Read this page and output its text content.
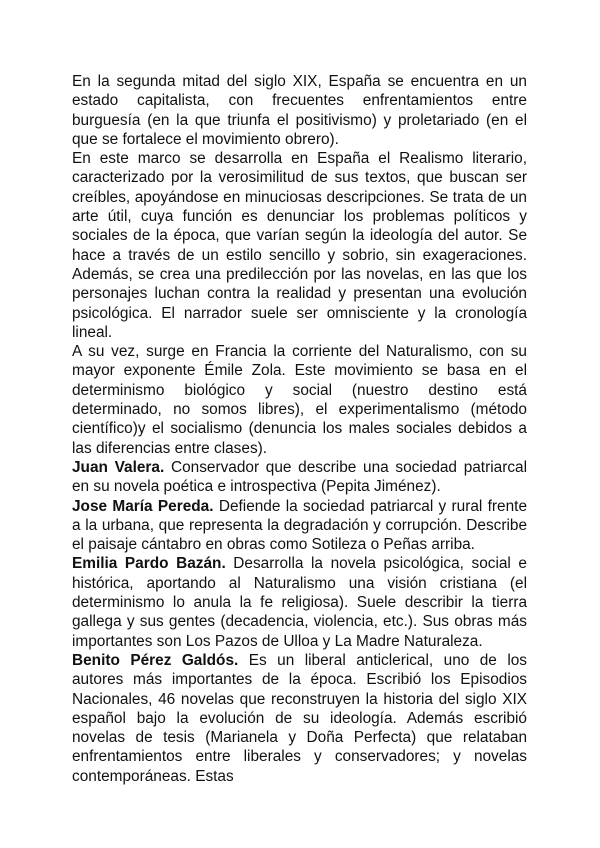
En la segunda mitad del siglo XIX, España se encuentra en un estado capitalista, con frecuentes enfrentamientos entre burguesía (en la que triunfa el positivismo) y proletariado (en el que se fortalece el movimiento obrero).

En este marco se desarrolla en España el Realismo literario, caracterizado por la verosimilitud de sus textos, que buscan ser creíbles, apoyándose en minuciosas descripciones. Se trata de un arte útil, cuya función es denunciar los problemas políticos y sociales de la época, que varían según la ideología del autor. Se hace a través de un estilo sencillo y sobrio, sin exageraciones. Además, se crea una predilección por las novelas, en las que los personajes luchan contra la realidad y presentan una evolución psicológica. El narrador suele ser omnisciente y la cronología lineal.

A su vez, surge en Francia la corriente del Naturalismo, con su mayor exponente Émile Zola. Este movimiento se basa en el determinismo biológico y social (nuestro destino está determinado, no somos libres), el experimentalismo (método científico)y el socialismo (denuncia los males sociales debidos a las diferencias entre clases).

Juan Valera. Conservador que describe una sociedad patriarcal en su novela poética e introspectiva (Pepita Jiménez).

Jose María Pereda. Defiende la sociedad patriarcal y rural frente a la urbana, que representa la degradación y corrupción. Describe el paisaje cántabro en obras como Sotileza o Peñas arriba.

Emilia Pardo Bazán. Desarrolla la novela psicológica, social e histórica, aportando al Naturalismo una visión cristiana (el determinismo lo anula la fe religiosa). Suele describir la tierra gallega y sus gentes (decadencia, violencia, etc.). Sus obras más importantes son Los Pazos de Ulloa y La Madre Naturaleza.

Benito Pérez Galdós. Es un liberal anticlerical, uno de los autores más importantes de la época. Escribió los Episodios Nacionales, 46 novelas que reconstruyen la historia del siglo XIX español bajo la evolución de su ideología. Además escribió novelas de tesis (Marianela y Doña Perfecta) que relataban enfrentamientos entre liberales y conservadores; y novelas contemporáneas. Estas
